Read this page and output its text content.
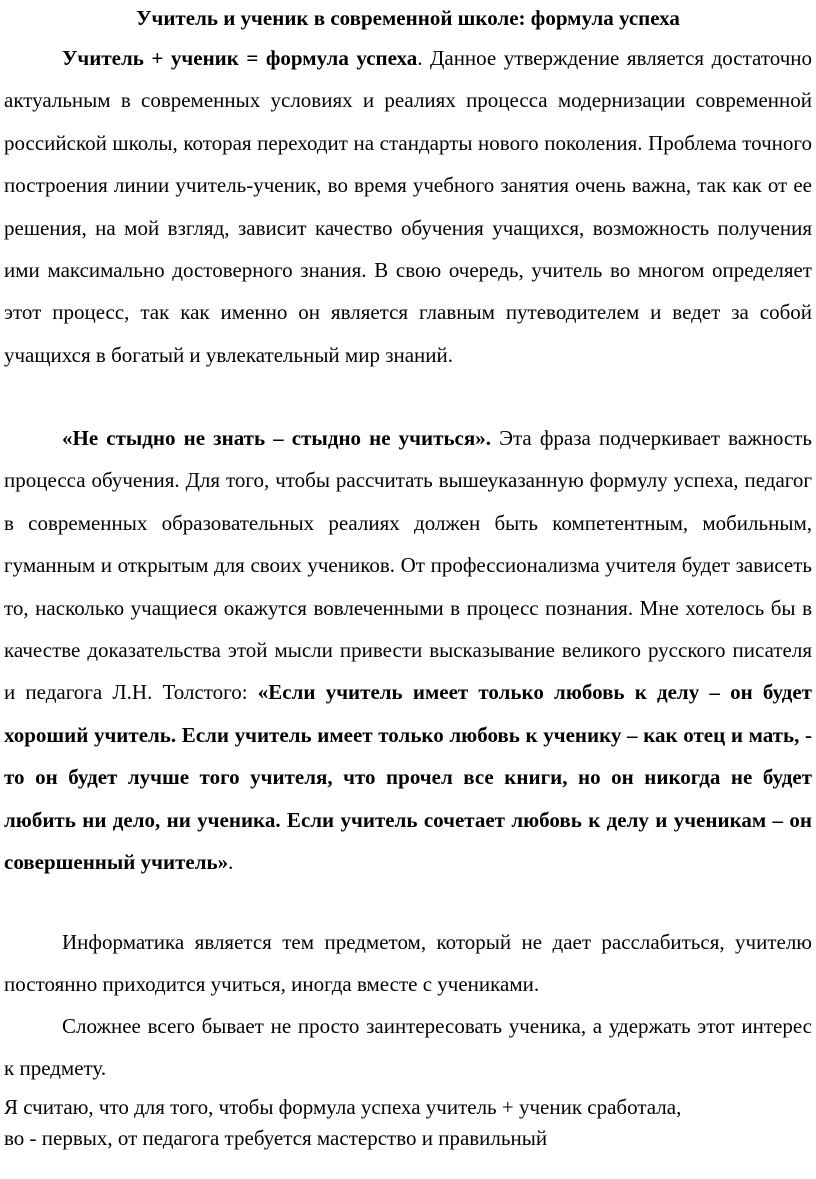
Учитель и ученик в современной школе: формула успеха

Учитель + ученик = формула успеха. Данное утверждение является достаточно актуальным в современных условиях и реалиях процесса модернизации современной российской школы, которая переходит на стандарты нового поколения. Проблема точного построения линии учитель-ученик, во время учебного занятия очень важна, так как от ее решения, на мой взгляд, зависит качество обучения учащихся, возможность получения ими максимально достоверного знания. В свою очередь, учитель во многом определяет этот процесс, так как именно он является главным путеводителем и ведет за собой учащихся в богатый и увлекательный мир знаний.

«Не стыдно не знать – стыдно не учиться». Эта фраза подчеркивает важность процесса обучения. Для того, чтобы рассчитать вышеуказанную формулу успеха, педагог в современных образовательных реалиях должен быть компетентным, мобильным, гуманным и открытым для своих учеников. От профессионализма учителя будет зависеть то, насколько учащиеся окажутся вовлеченными в процесс познания. Мне хотелось бы в качестве доказательства этой мысли привести высказывание великого русского писателя и педагога Л.Н. Толстого: «Если учитель имеет только любовь к делу – он будет хороший учитель. Если учитель имеет только любовь к ученику – как отец и мать, - то он будет лучше того учителя, что прочел все книги, но он никогда не будет любить ни дело, ни ученика. Если учитель сочетает любовь к делу и ученикам – он совершенный учитель».

Информатика является тем предметом, который не дает расслабиться, учителю постоянно приходится учиться, иногда вместе с учениками.

Сложнее всего бывает не просто заинтересовать ученика, а удержать этот интерес к предмету.

Я считаю, что для того, чтобы формула успеха учитель + ученик сработала,
во - первых, от педагога требуется мастерство и правильный
